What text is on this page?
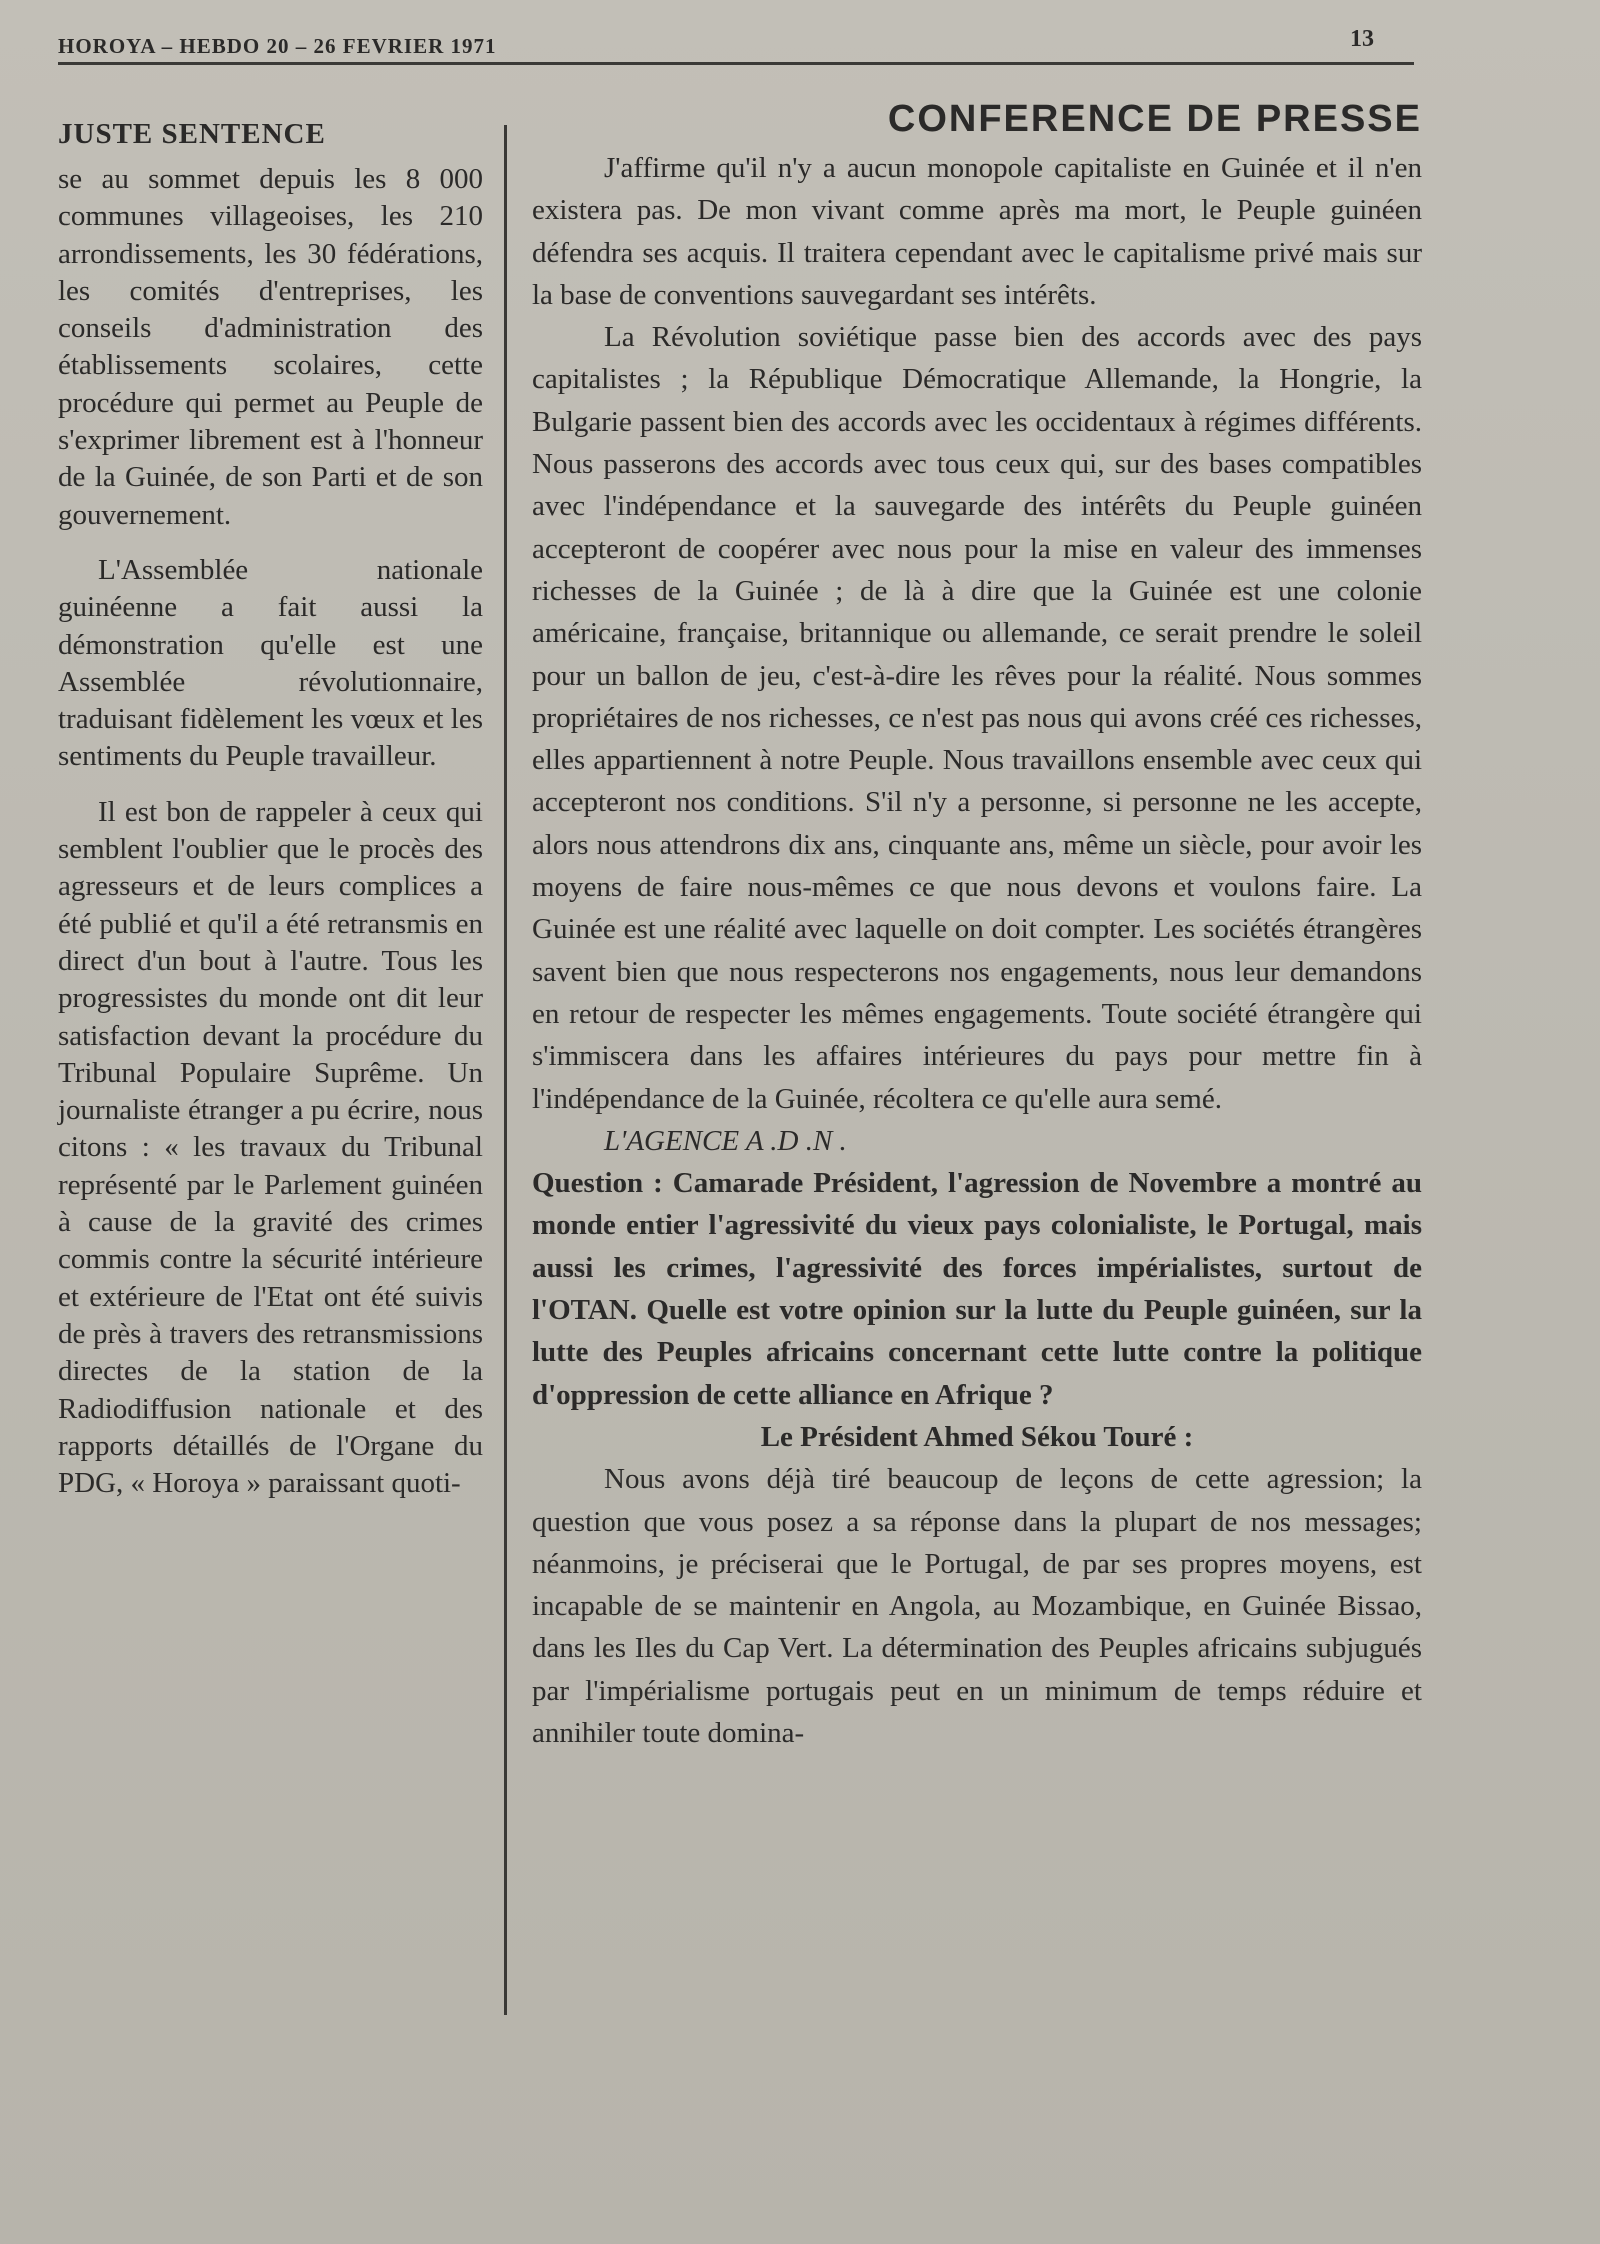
HOROYA – HEBDO 20 – 26 FEVRIER 1971	13
JUSTE SENTENCE

se au sommet depuis les 8 000 communes villageoises, les 210 arrondissements, les 30 fédérations, les comités d'entreprises, les conseils d'administration des établissements scolaires, cette procédure qui permet au Peuple de s'exprimer librement est à l'honneur de la Guinée, de son Parti et de son gouvernement.

L'Assemblée nationale guinéenne a fait aussi la démonstration qu'elle est une Assemblée révolutionnaire, traduisant fidèlement les vœux et les sentiments du Peuple travailleur.

Il est bon de rappeler à ceux qui semblent l'oublier que le procès des agresseurs et de leurs complices a été publié et qu'il a été retransmis en direct d'un bout à l'autre. Tous les progressistes du monde ont dit leur satisfaction devant la procédure du Tribunal Populaire Suprême. Un journaliste étranger a pu écrire, nous citons : « les travaux du Tribunal représenté par le Parlement guinéen à cause de la gravité des crimes commis contre la sécurité intérieure et extérieure de l'Etat ont été suivis de près à travers des retransmissions directes de la station de la Radiodiffusion nationale et des rapports détaillés de l'Organe du PDG, « Horoya » paraissant quoti-

CONFERENCE DE PRESSE

J'affirme qu'il n'y a aucun monopole capitaliste en Guinée et il n'en existera pas. De mon vivant comme après ma mort, le Peuple guinéen défendra ses acquis. Il traitera cependant avec le capitalisme privé mais sur la base de conventions sauvegardant ses intérêts.

La Révolution soviétique passe bien des accords avec des pays capitalistes ; la République Démocratique Allemande, la Hongrie, la Bulgarie passent bien des accords avec les occidentaux à régimes différents. Nous passerons des accords avec tous ceux qui, sur des bases compatibles avec l'indépendance et la sauvegarde des intérêts du Peuple guinéen accepteront de coopérer avec nous pour la mise en valeur des immenses richesses de la Guinée ; de là à dire que la Guinée est une colonie américaine, française, britannique ou allemande, ce serait prendre le soleil pour un ballon de jeu, c'est-à-dire les rêves pour la réalité. Nous sommes propriétaires de nos richesses, ce n'est pas nous qui avons créé ces richesses, elles appartiennent à notre Peuple. Nous travaillons ensemble avec ceux qui accepteront nos conditions. S'il n'y a personne, si personne ne les accepte, alors nous attendrons dix ans, cinquante ans, même un siècle, pour avoir les moyens de faire nous-mêmes ce que nous devons et voulons faire. La Guinée est une réalité avec laquelle on doit compter. Les sociétés étrangères savent bien que nous respecterons nos engagements, nous leur demandons en retour de respecter les mêmes engagements. Toute société étrangère qui s'immiscera dans les affaires intérieures du pays pour mettre fin à l'indépendance de la Guinée, récoltera ce qu'elle aura semé.

L'AGENCE A .D .N .

Question : Camarade Président, l'agression de Novembre a montré au monde entier l'agressivité du vieux pays colonialiste, le Portugal, mais aussi les crimes, l'agressivité des forces impérialistes, surtout de l'OTAN. Quelle est votre opinion sur la lutte du Peuple guinéen, sur la lutte des Peuples africains concernant cette lutte contre la politique d'oppression de cette alliance en Afrique ?

Le Président Ahmed Sékou Touré :

Nous avons déjà tiré beaucoup de leçons de cette agression; la question que vous posez a sa réponse dans la plupart de nos messages; néanmoins, je préciserai que le Portugal, de par ses propres moyens, est incapable de se maintenir en Angola, au Mozambique, en Guinée Bissao, dans les Iles du Cap Vert. La détermination des Peuples africains subjugués par l'impérialisme portugais peut en un minimum de temps réduire et annihiler toute domina-
